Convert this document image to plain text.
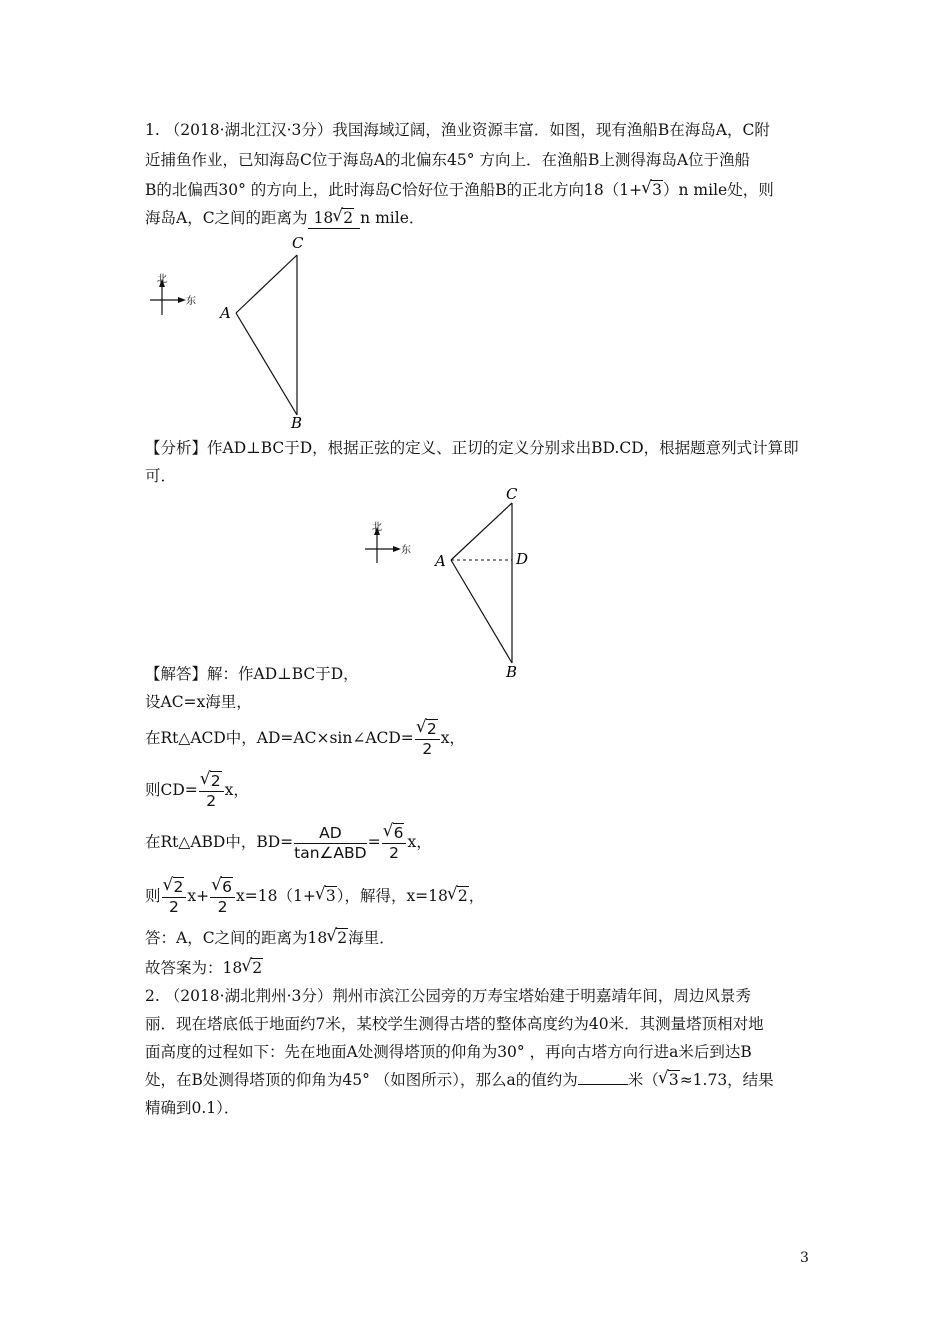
1. （2018·湖北江汉·3分）我国海域辽阔，渔业资源丰富．如图，现有渔船B在海岛A，C附
近捕鱼作业，已知海岛C位于海岛A的北偏东45° 方向上．在渔船B上测得海岛A位于渔船
B的北偏西30° 的方向上，此时海岛C恰好位于渔船B的正北方向18（1+√ 3）n mile处，则
海岛A，C之间的距离为 18√ 2 n mile．
北
东
C
A
B
【分析】作AD⊥BC于D，根据正弦的定义、正切的定义分别求出BD.CD，根据题意列式计算即
可．
北
东
C
A	D
B
【解答】解：作AD⊥BC于D，
设AC=x海里，
在Rt△ACD中，AD=AC×sin∠ACD=
√ $\frac{2}{2}$ x，
则CD=
√ $\frac{2}{2}$ x，
在Rt△ABD中，$BD= \frac{AD}{\text{tan∠ABD}}$ =
√ $\frac{6}{2}$ x，
则
√ $\frac{2}{2} x+$
√ $\frac{6}{2} x=18(1+√$ 3），解得，x=18√ 2，
答：A，C之间的距离为18√ 2海里．
故答案为：18√ 2
2. （2018·湖北荆州·3分）荆州市滨江公园旁的万寿宝塔始建于明嘉靖年间，周边风景秀
丽．现在塔底低于地面约7米，某校学生测得古塔的整体高度约为40米．其测量塔顶相对地
面高度的过程如下：先在地面A处测得塔顶的仰角为30° ，再向古塔方向行进a米后到达B
处，在B处测得塔顶的仰角为45° （如图所示），那么a的值约为	米（√ 3≈1.73，结果
精确到0.1）．
3
